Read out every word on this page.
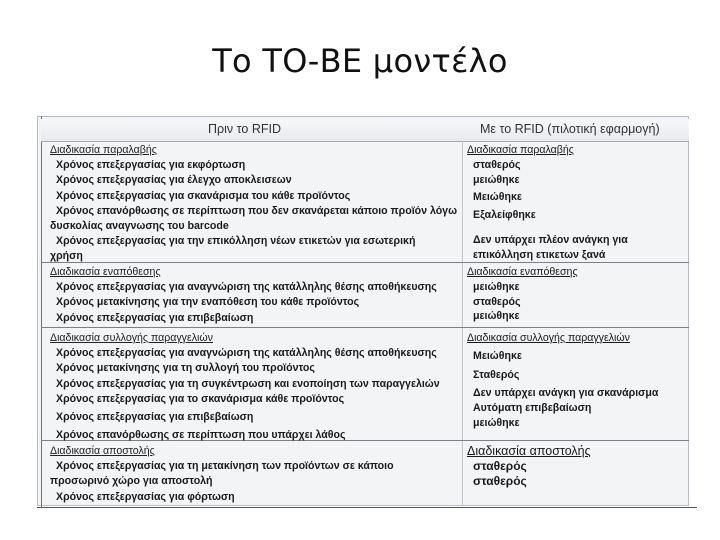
Το ΤΟ-ΒΕ μοντέλο
Πριν το RFID	Με το RFID (πιλοτική εφαρμογή)
Διαδικασία παραλαβής
Χρόνος επεξεργασίας για εκφόρτωση
Χρόνος επεξεργασίας για έλεγχο αποκλεισεων
Χρόνος επεξεργασίας για σκανάρισμα του κάθε προϊόντος
Χρόνος επανόρθωσης σε περίπτωση που δεν σκανάρεται κάποιο προϊόν λόγω
δυσκολίας αναγνωσης του barcode
Χρόνος επεξεργασίας για την επικόλληση νέων ετικετών για εσωτερική
χρήση
Διαδικασία παραλαβής
σταθερός
μειώθηκε
Μειώθηκε
Εξαλείφθηκε
Δεν υπάρχει πλέον ανάγκη για
επικόλληση ετικετων ξανά
Διαδικασία εναπόθεσης
Χρόνος επεξεργασίας για αναγνώριση της κατάλληλης θέσης αποθήκευσης
Χρόνος μετακίνησης για την εναπόθεση του κάθε προϊόντος
Χρόνος επεξεργασίας για επιβεβαίωση
Διαδικασία εναπόθεσης
μειώθηκε
σταθερός
μειώθηκε
Διαδικασία συλλογής παραγγελιών
Χρόνος επεξεργασίας για αναγνώριση της κατάλληλης θέσης αποθήκευσης
Χρόνος μετακίνησης για τη συλλογή του προϊόντος
Χρόνος επεξεργασίας για τη συγκέντρωση και ενοποίηση των παραγγελιών
Χρόνος επεξεργασίας για το σκανάρισμα κάθε προϊόντος
Χρόνος επεξεργασίας για επιβεβαίωση
Χρόνος επανόρθωσης σε περίπτωση που υπάρχει λάθος
Διαδικασία συλλογής παραγγελιών
Μειώθηκε
Σταθερός
Δεν υπάρχει ανάγκη για σκανάρισμα
Αυτόματη επιβεβαίωση
μειώθηκε
Διαδικασία αποστολής
Χρόνος επεξεργασίας για τη μετακίνηση των προϊόντων σε κάποιο
προσωρινό χώρο για αποστολή
Χρόνος επεξεργασίας για φόρτωση
Διαδικασία αποστολής
σταθερός
σταθερός
